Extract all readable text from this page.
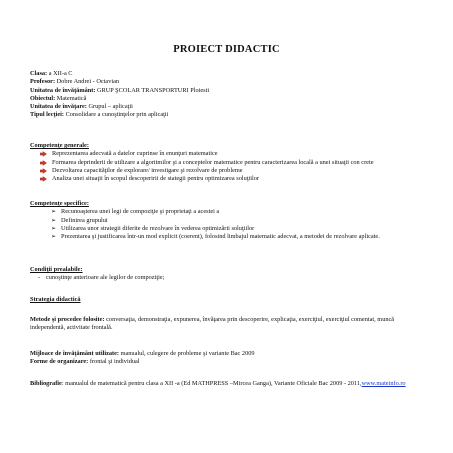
PROIECT DIDACTIC
Clasa: a XII-a C
Profesor: Dobre Andrei - Octavian
Unitatea de învăţământ: GRUP ŞCOLAR TRANSPORTURI Ploiesti
Obiectul: Matematică
Unitatea de învăţare: Grupul – aplicaţii
Tipul lecţiei: Consolidare a cunoştinţelor prin aplicaţii
Competenţe generale:
Reprezentarea adecvată a datelor cuprinse în enunţuri matematice
Formarea deprinderii de utilizare a algoritmilor şi a conceptelor matematice pentru caracterizarea locală a unei situaţii con crete
Dezvoltarea capacităţilor de explorare/ investigare şi rezolvare de probleme
Analiza unei situaţii în scopul descoperirii de stategii pentru optimizarea soluţiilor
Competenţe specifice:
➢ Recunoaşterea unei legi de compoziţie şi proprietaţi a acestei a
➢ Definirea grupului
➢ Utilizarea unor strategii diferite de rezolvare în vederea optimizării soluţiilor
➢ Prezentarea şi justificarea într-un mod explicit (coerent), folosind limbajul matematic adecvat, a metodei de rezolvare aplicate.
Condiţii prealabile:
- cunoştinţe anterioare ale legilor de compoziţie;
Strategia didactică
Metode şi procedee folosite: conversaţia, demonstraţia, expunerea, învăţarea prin descoperire, explicaţia, exerciţiul, exerciţiul comentat, muncă independentă, activitate frontală.
Mijloace de învăţământ utilizate: manualul, culegere de probleme şi variante Bac 2009
Forme de organizare: frontal şi individual
Bibliografie: manualul de matematică pentru clasa a XII -a (Ed MATHPRESS –Mircea Ganga), Variante Oficiale Bac 2009 - 2011,www.mateinfo.ro
